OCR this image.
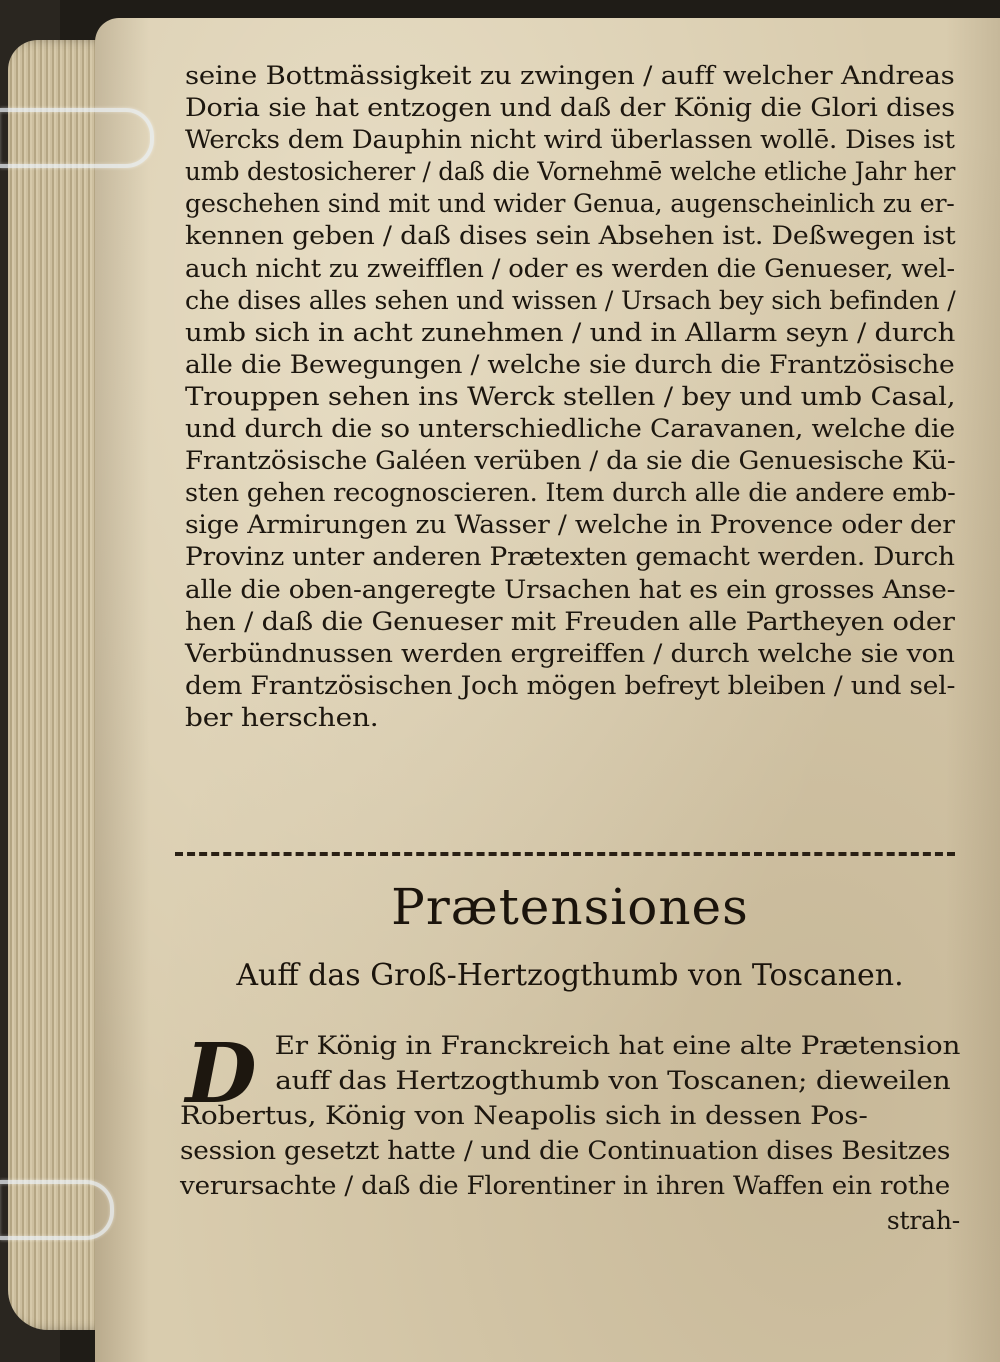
seine Bottmässigkeit zu zwingen / auff welcher Andreas
Doria sie hat entzogen und daß der König die Glori dises
Wercks dem Dauphin nicht wird überlassen wollē. Dises ist
umb destosicherer / daß die Vornehmē welche etliche Jahr her
geschehen sind mit und wider Genua, augenscheinlich zu er-
kennen geben / daß dises sein Absehen ist. Deßwegen ist
auch nicht zu zweifflen / oder es werden die Genueser, wel-
che dises alles sehen und wissen / Ursach bey sich befinden /
umb sich in acht zunehmen / und in Allarm seyn / durch
alle die Bewegungen / welche sie durch die Frantzösische
Trouppen sehen ins Werck stellen / bey und umb Casal,
und durch die so unterschiedliche Caravanen, welche die
Frantzösische Galéen verüben / da sie die Genuesische Kü-
sten gehen recognoscieren. Item durch alle die andere emb-
sige Armirungen zu Wasser / welche in Provence oder der
Provinz unter anderen Prætexten gemacht werden. Durch
alle die oben-angeregte Ursachen hat es ein grosses Anse-
hen / daß die Genueser mit Freuden alle Partheyen oder
Verbündnussen werden ergreiffen / durch welche sie von
dem Frantzösischen Joch mögen befreyt bleiben / und sel-
ber herschen.
Prætensiones
Auff das Groß-Hertzogthumb von Toscanen.
D Er König in Franckreich hat eine alte Prætension
auff das Hertzogthumb von Toscanen; dieweilen
Robertus, König von Neapolis sich in dessen Pos-
session gesetzt hatte / und die Continuation dises Besitzes
verursachte / daß die Florentiner in ihren Waffen ein rothe
strah-
